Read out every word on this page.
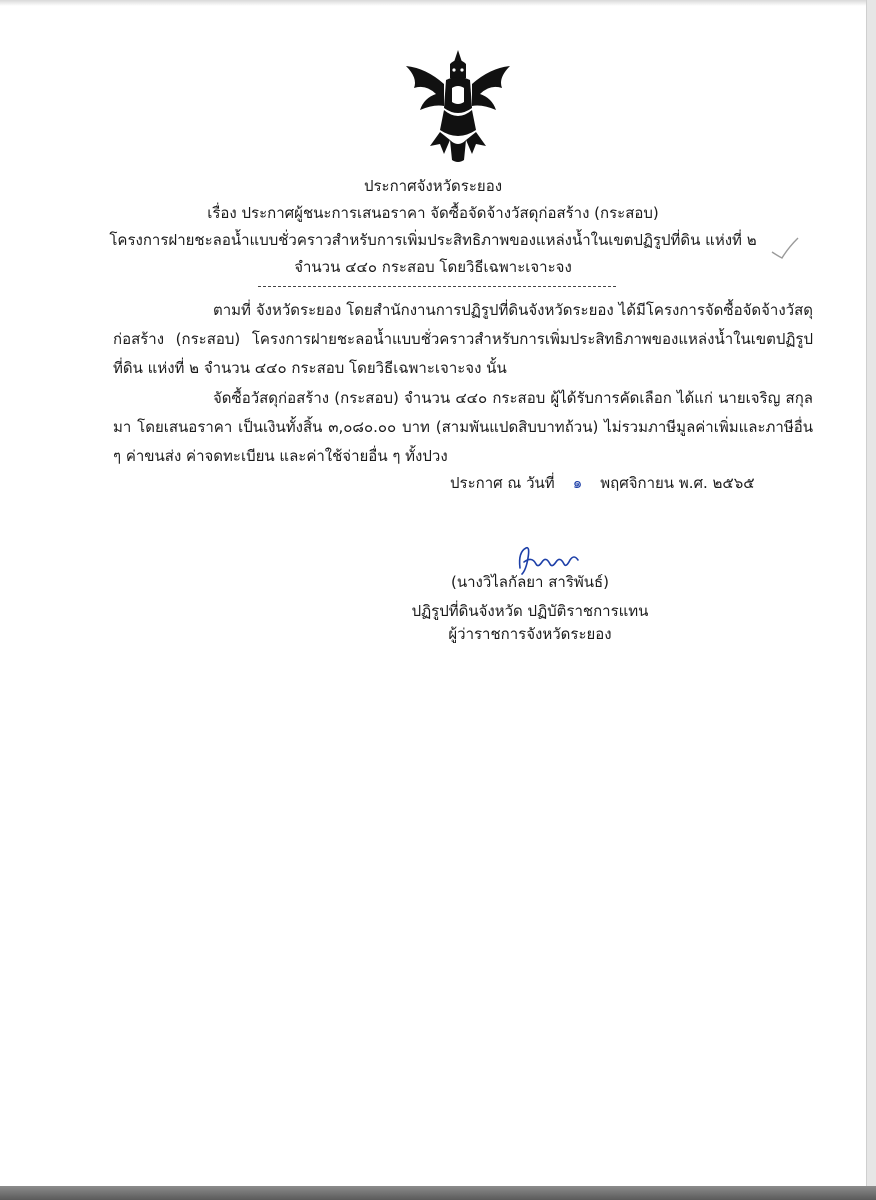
ประกาศจังหวัดระยอง
เรื่อง ประกาศผู้ชนะการเสนอราคา จัดซื้อจัดจ้างวัสดุก่อสร้าง (กระสอบ)
โครงการฝายชะลอน้ำแบบชั่วคราวสำหรับการเพิ่มประสิทธิภาพของแหล่งน้ำในเขตปฏิรูปที่ดิน แห่งที่ ๒
จำนวน ๔๔๐ กระสอบ โดยวิธีเฉพาะเจาะจง
ตามที่ จังหวัดระยอง โดยสำนักงานการปฏิรูปที่ดินจังหวัดระยอง ได้มีโครงการจัดซื้อจัดจ้างวัสดุก่อสร้าง (กระสอบ) โครงการฝายชะลอน้ำแบบชั่วคราวสำหรับการเพิ่มประสิทธิภาพของแหล่งน้ำในเขตปฏิรูปที่ดิน แห่งที่ ๒ จำนวน ๔๔๐ กระสอบ โดยวิธีเฉพาะเจาะจง นั้น
จัดซื้อวัสดุก่อสร้าง (กระสอบ) จำนวน ๔๔๐ กระสอบ ผู้ได้รับการคัดเลือก ได้แก่ นายเจริญ สกุลมา โดยเสนอราคา เป็นเงินทั้งสิ้น ๓,๐๘๐.๐๐ บาท (สามพันแปดสิบบาทถ้วน) ไม่รวมภาษีมูลค่าเพิ่มและภาษีอื่น ๆ ค่าขนส่ง ค่าจดทะเบียน และค่าใช้จ่ายอื่น ๆ ทั้งปวง
ประกาศ ณ วันที่ ๑ พฤศจิกายน พ.ศ. ๒๕๖๕
(นางวิไลกัลยา สาริพันธ์)
ปฏิรูปที่ดินจังหวัด ปฏิบัติราชการแทน
ผู้ว่าราชการจังหวัดระยอง
